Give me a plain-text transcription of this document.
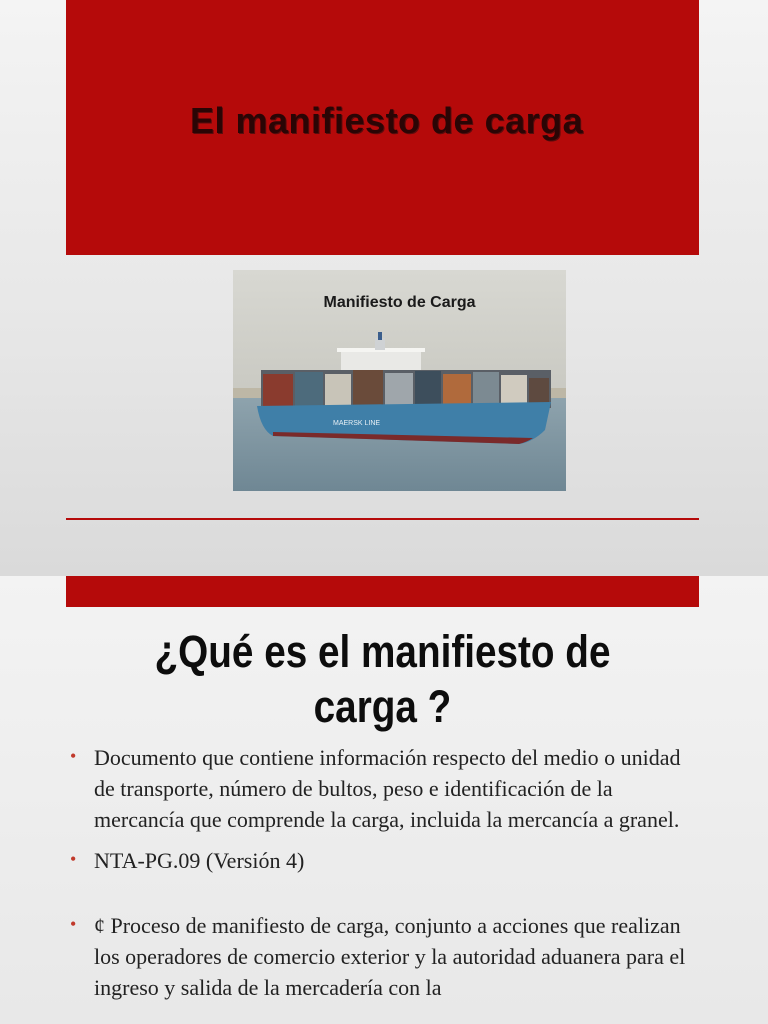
El manifiesto de carga
MAERSK LINE
Manifiesto de Carga
¿Qué es el manifiesto de
carga ?
• Documento que contiene información respecto del medio o unidad de transporte, número de bultos, peso e identificación de la mercancía que comprende la carga, incluida la mercancía a granel.
• NTA-PG.09 (Versión 4)
• ¢ Proceso de manifiesto de carga, conjunto a acciones que realizan los operadores de comercio exterior y la autoridad aduanera para el ingreso y salida de la mercadería con la
